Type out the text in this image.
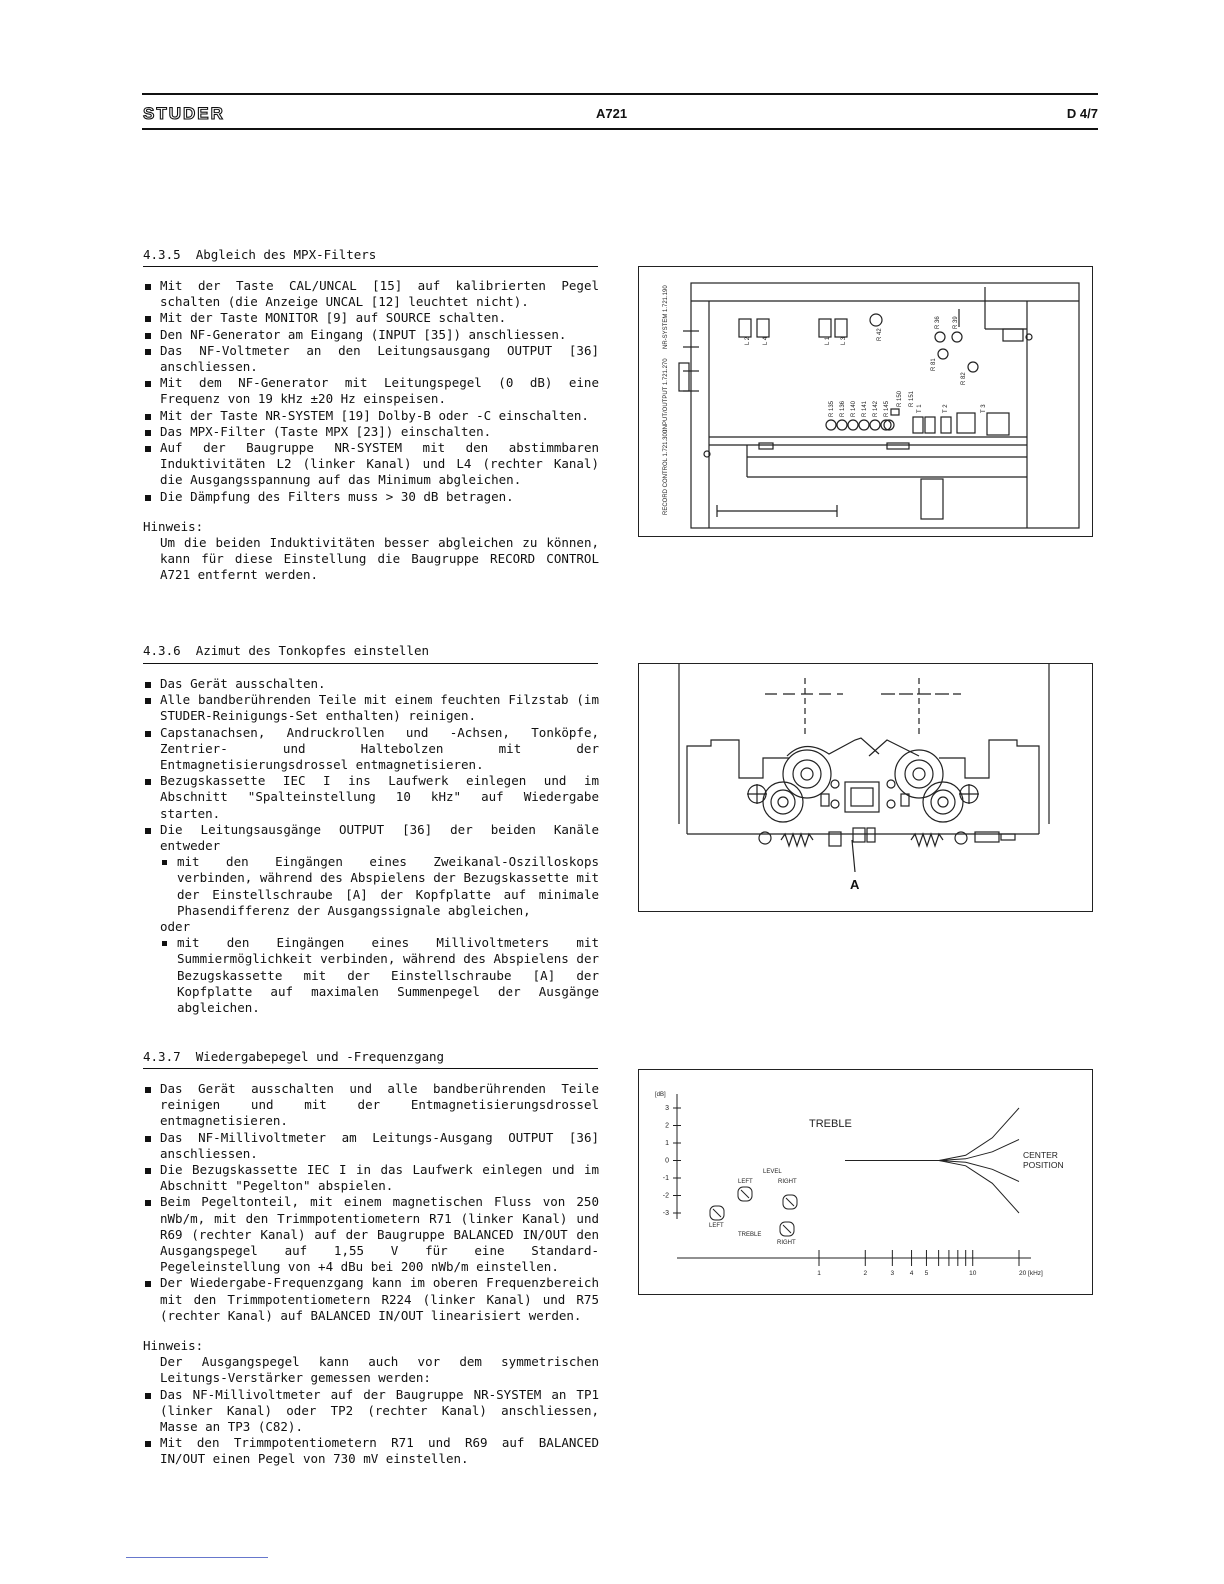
STUDER	A721	D 4/7
4.3.5 Abgleich des MPX-Filters
Mit der Taste CAL/UNCAL [15] auf kalibrierten Pegel schalten (die Anzeige UNCAL [12] leuchtet nicht).
Mit der Taste MONITOR [9] auf SOURCE schalten.
Den NF-Generator am Eingang (INPUT [35]) anschliessen.
Das NF-Voltmeter an den Leitungsausgang OUTPUT [36] anschliessen.
Mit dem NF-Generator mit Leitungspegel (0 dB) eine Frequenz von 19 kHz ±20 Hz einspeisen.
Mit der Taste NR-SYSTEM [19] Dolby-B oder -C einschalten.
Das MPX-Filter (Taste MPX [23]) einschalten.
Auf der Baugruppe NR-SYSTEM mit den abstimmbaren Induktivitäten L2 (linker Kanal) und L4 (rechter Kanal) die Ausgangsspannung auf das Minimum abgleichen.
Die Dämpfung des Filters muss > 30 dB betragen.
Hinweis:

Um die beiden Induktivitäten besser abgleichen zu können, kann für diese Einstellung die Baugruppe RECORD CONTROL A721 entfernt werden.

NR-SYSTEM 1.721.190
INPUT/OUTPUT 1.721.270
RECORD CONTROL 1.721.300
L 2 L 4	L 1 L 3	R 42
R 36 R 39
R 81
R 82
R 135 R 136 R 140 R 141 R 142 R 145
R 150 R 151
T 1	T 2	T 3
4.3.6 Azimut des Tonkopfes einstellen
Das Gerät ausschalten.
Alle bandberührenden Teile mit einem feuchten Filzstab (im STUDER-Reinigungs-Set enthalten) reinigen.
Capstanachsen, Andruckrollen und -Achsen, Tonköpfe, Zentrier- und Haltebolzen mit der Entmagnetisierungsdrossel entmagnetisieren.
Bezugskassette IEC I ins Laufwerk einlegen und im Abschnitt "Spalteinstellung 10 kHz" auf Wiedergabe starten.
Die Leitungsausgänge OUTPUT [36] der beiden Kanäle entweder
mit den Eingängen eines Zweikanal-Oszilloskops verbinden, während des Abspielens der Bezugskassette mit der Einstellschraube [A] der Kopfplatte auf minimale Phasendifferenz der Ausgangssignale abgleichen,
oder
mit den Eingängen eines Millivoltmeters mit Summiermöglichkeit verbinden, während des Abspielens der Bezugskassette mit der Einstellschraube [A] der Kopfplatte auf maximalen Summenpegel der Ausgänge abgleichen.
A
4.3.7 Wiedergabepegel und -Frequenzgang
Das Gerät ausschalten und alle bandberührenden Teile reinigen und mit der Entmagnetisierungsdrossel entmagnetisieren.
Das NF-Millivoltmeter am Leitungs-Ausgang OUTPUT [36] anschliessen.
Die Bezugskassette IEC I in das Laufwerk einlegen und im Abschnitt "Pegelton" abspielen.
Beim Pegeltonteil, mit einem magnetischen Fluss von 250 nWb/m, mit den Trimmpotentiometern R71 (linker Kanal) und R69 (rechter Kanal) auf der Baugruppe BALANCED IN/OUT den Ausgangspegel auf 1,55 V für eine Standard-Pegeleinstellung von +4 dBu bei 200 nWb/m einstellen.
Der Wiedergabe-Frequenzgang kann im oberen Frequenzbereich mit den Trimmpotentiometern R224 (linker Kanal) und R75 (rechter Kanal) auf BALANCED IN/OUT linearisiert werden.
Hinweis:

Der Ausgangspegel kann auch vor dem symmetrischen Leitungs-Verstärker gemessen werden:

Das NF-Millivoltmeter auf der Baugruppe NR-SYSTEM an TP1 (linker Kanal) oder TP2 (rechter Kanal) anschliessen, Masse an TP3 (C82).
Mit den Trimmpotentiometern R71 und R69 auf BALANCED IN/OUT einen Pegel von 730 mV einstellen.
[dB]
3
2
1
0
-1
-2
-3
1	2	3 4 5	10	20 [kHz]
TREBLE
CENTER
POSITION
LEVEL
LEFT	RIGHT
LEFT
TREBLE
RIGHT
